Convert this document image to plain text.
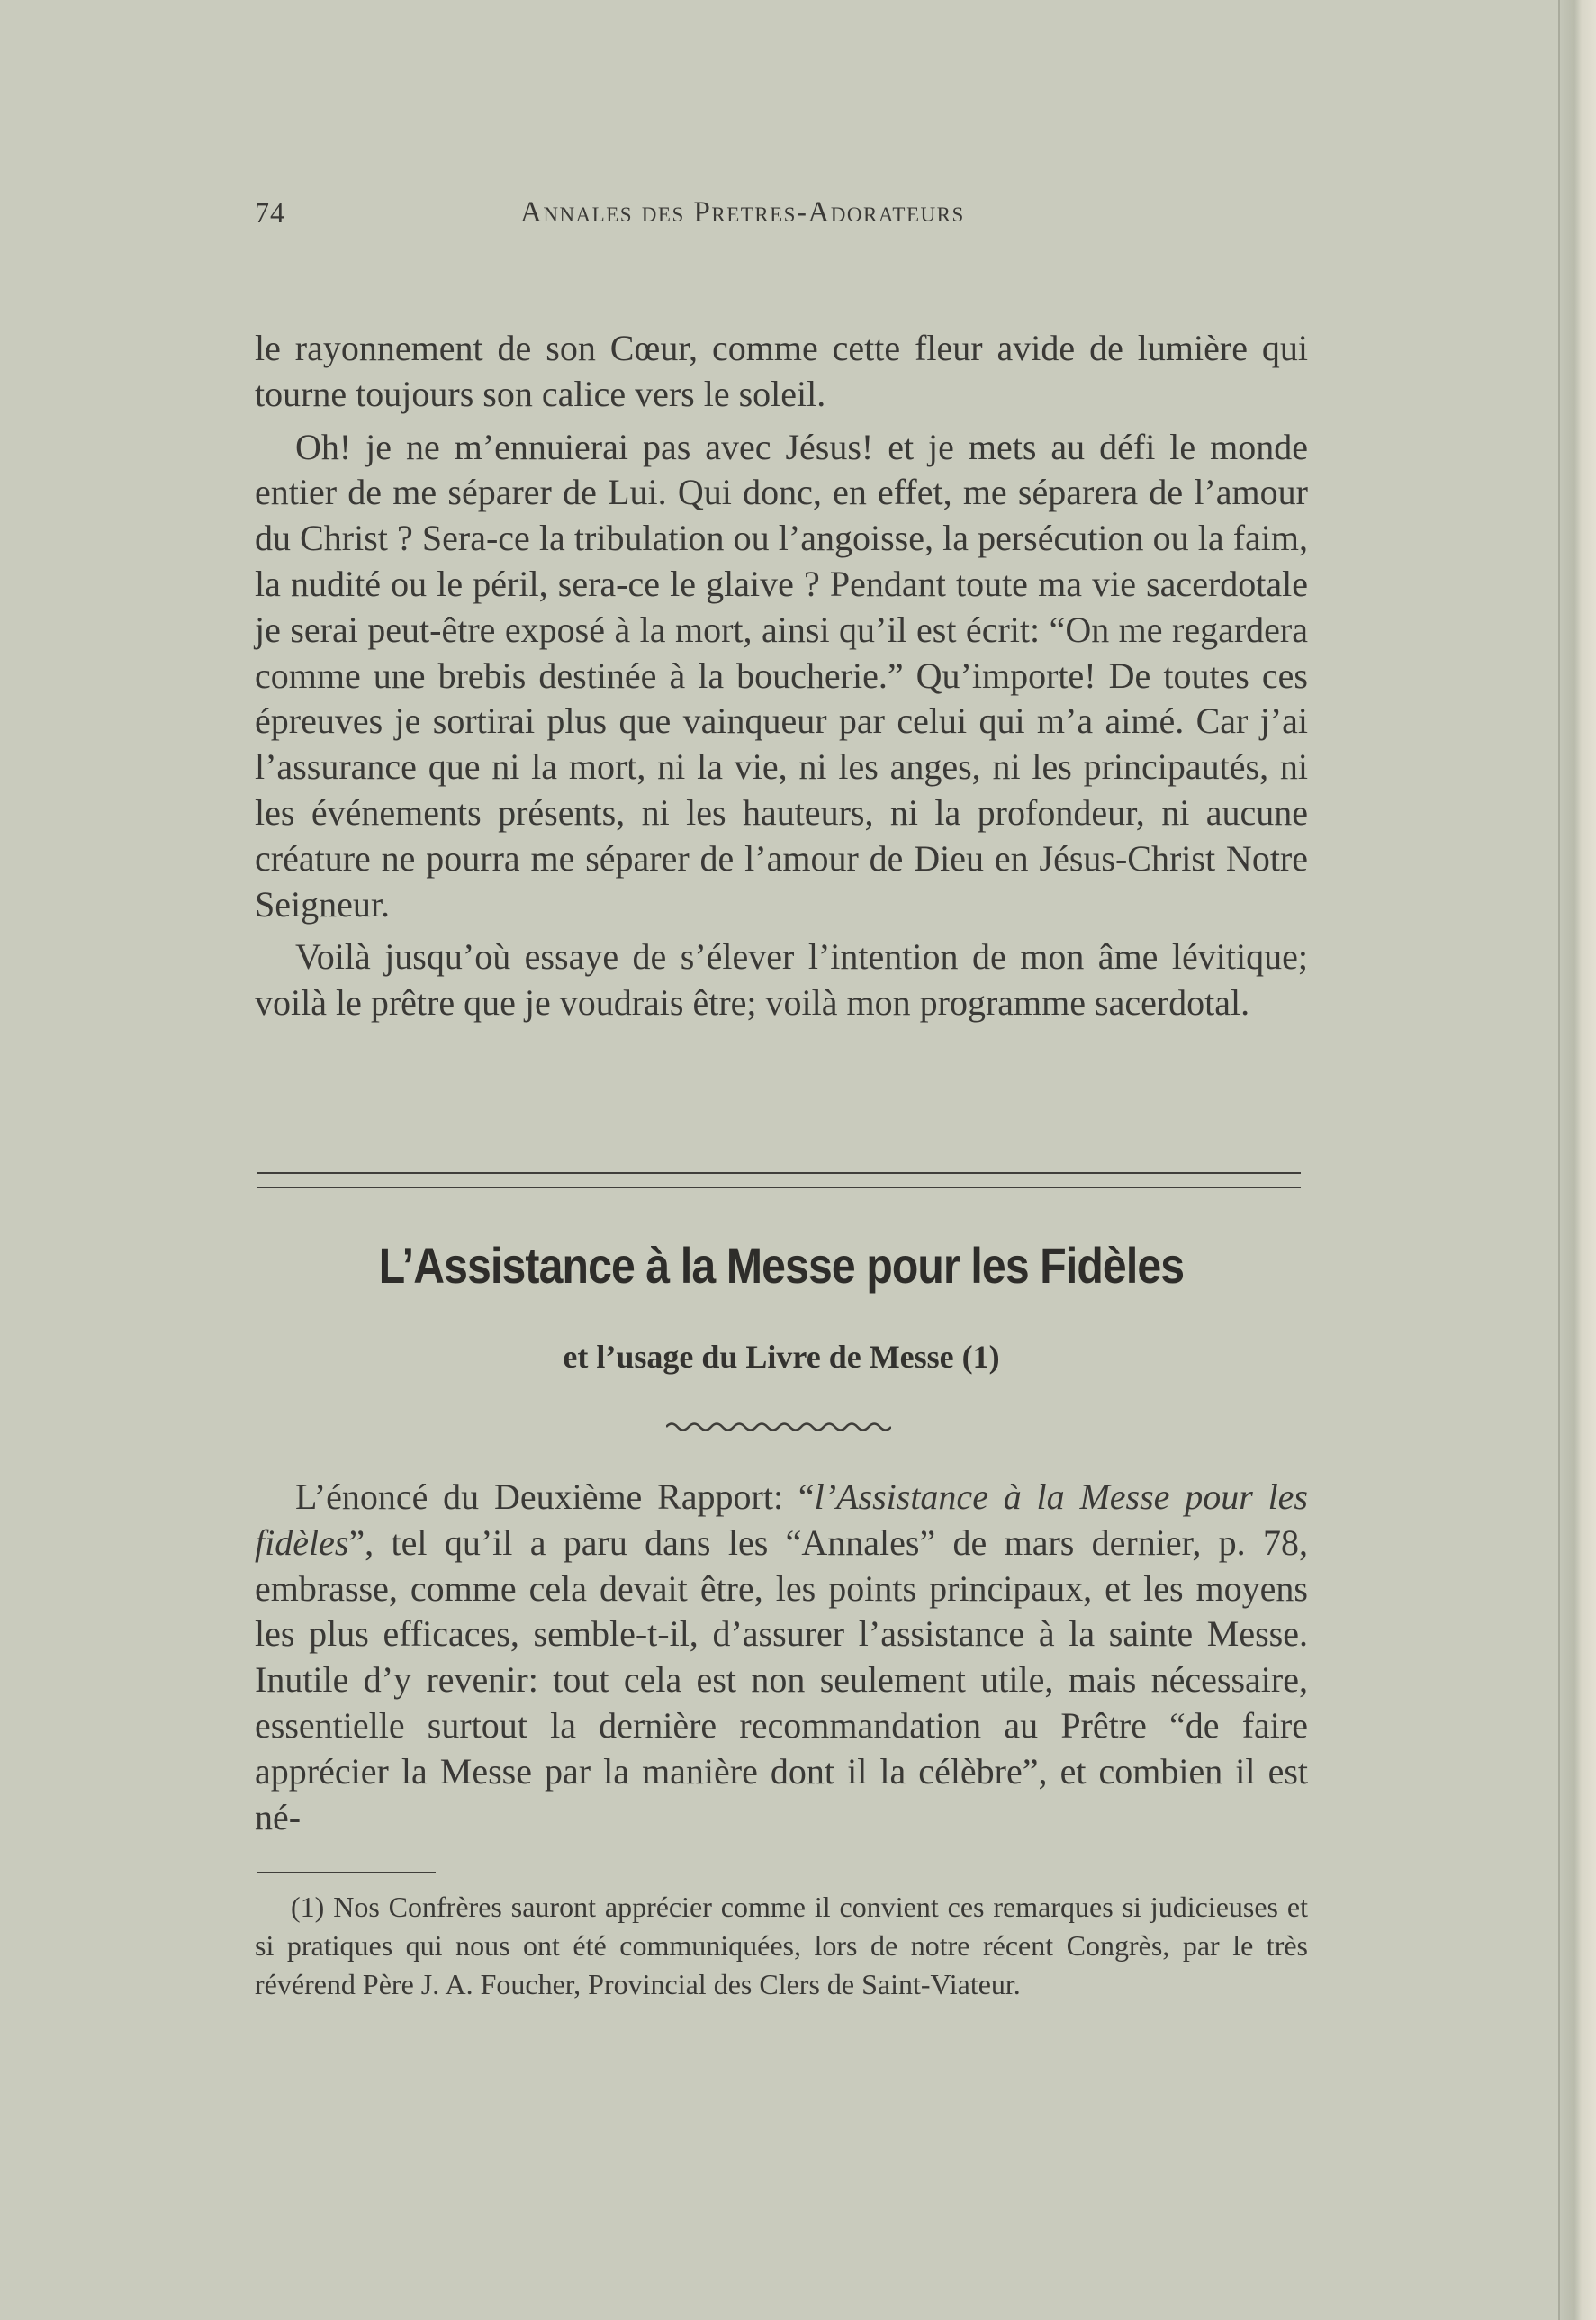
74	Annales des Pretres-Adorateurs

le rayonnement de son Cœur, comme cette fleur avide de lumière qui tourne toujours son calice vers le soleil.

Oh! je ne m’ennuierai pas avec Jésus! et je mets au défi le monde entier de me séparer de Lui. Qui donc, en effet, me séparera de l’amour du Christ ? Sera-ce la tribulation ou l’angoisse, la persécution ou la faim, la nudité ou le péril, sera-ce le glaive ? Pendant toute ma vie sacerdotale je serai peut-être exposé à la mort, ainsi qu’il est écrit: “On me regardera comme une brebis destinée à la boucherie.” Qu’importe! De toutes ces épreuves je sortirai plus que vainqueur par celui qui m’a aimé. Car j’ai l’assurance que ni la mort, ni la vie, ni les anges, ni les principautés, ni les événements présents, ni les hauteurs, ni la profondeur, ni aucune créature ne pourra me séparer de l’amour de Dieu en Jésus-Christ Notre Seigneur.

Voilà jusqu’où essaye de s’élever l’intention de mon âme lévitique; voilà le prêtre que je voudrais être; voilà mon programme sacerdotal.

L’Assistance à la Messe pour les Fidèles
et l’usage du Livre de Messe (1)

L’énoncé du Deuxième Rapport: “l’Assistance à la Messe pour les fidèles”, tel qu’il a paru dans les “Annales” de mars dernier, p. 78, embrasse, comme cela devait être, les points principaux, et les moyens les plus efficaces, semble-t-il, d’assurer l’assistance à la sainte Messe. Inutile d’y revenir: tout cela est non seulement utile, mais nécessaire, essentielle surtout la dernière recommandation au Prêtre “de faire apprécier la Messe par la manière dont il la célèbre”, et combien il est né-

(1) Nos Confrères sauront apprécier comme il convient ces remarques si judicieuses et si pratiques qui nous ont été communiquées, lors de notre récent Congrès, par le très révérend Père J. A. Foucher, Provincial des Clers de Saint-Viateur.
